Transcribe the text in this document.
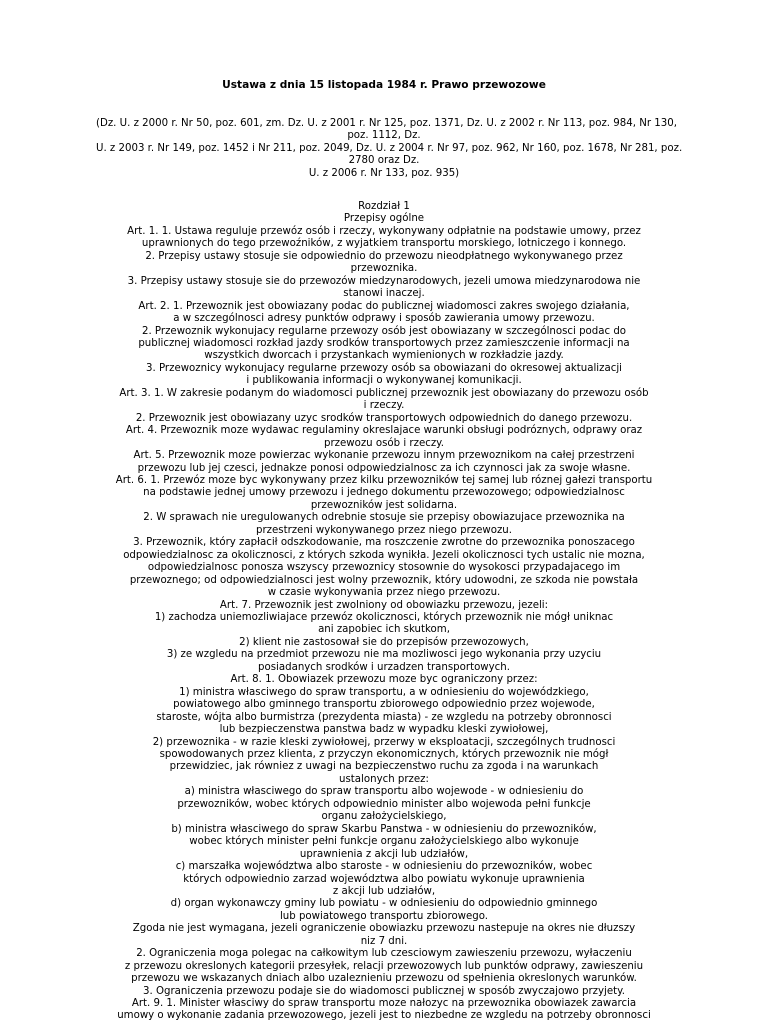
Ustawa z dnia 15 listopada 1984 r. Prawo przewozowe
(Dz. U. z 2000 r. Nr 50, poz. 601, zm. Dz. U. z 2001 r. Nr 125, poz. 1371, Dz. U. z 2002 r. Nr 113, poz. 984, Nr 130,
poz. 1112, Dz.
U. z 2003 r. Nr 149, poz. 1452 i Nr 211, poz. 2049, Dz. U. z 2004 r. Nr 97, poz. 962, Nr 160, poz. 1678, Nr 281, poz.
2780 oraz Dz.
U. z 2006 r. Nr 133, poz. 935)
Rozdział 1
Przepisy ogólne
Art. 1. 1. Ustawa reguluje przewóz osób i rzeczy, wykonywany odpłatnie na podstawie umowy, przez
uprawnionych do tego przewoźników, z wyjatkiem transportu morskiego, lotniczego i konnego.
2. Przepisy ustawy stosuje sie odpowiednio do przewozu nieodpłatnego wykonywanego przez
przewoznika.
3. Przepisy ustawy stosuje sie do przewozów miedzynarodowych, jezeli umowa miedzynarodowa nie
stanowi inaczej.
Art. 2. 1. Przewoznik jest obowiazany podac do publicznej wiadomosci zakres swojego działania,
a w szczególnosci adresy punktów odprawy i sposób zawierania umowy przewozu.
2. Przewoznik wykonujacy regularne przewozy osób jest obowiazany w szczególnosci podac do
publicznej wiadomosci rozkład jazdy srodków transportowych przez zamieszczenie informacji na
wszystkich dworcach i przystankach wymienionych w rozkładzie jazdy.
3. Przewoznicy wykonujacy regularne przewozy osób sa obowiazani do okresowej aktualizacji
i publikowania informacji o wykonywanej komunikacji.
Art. 3. 1. W zakresie podanym do wiadomosci publicznej przewoznik jest obowiazany do przewozu osób
i rzeczy.
2. Przewoznik jest obowiazany uzyc srodków transportowych odpowiednich do danego przewozu.
Art. 4. Przewoznik moze wydawac regulaminy okreslajace warunki obsługi podróznych, odprawy oraz
przewozu osób i rzeczy.
Art. 5. Przewoznik moze powierzac wykonanie przewozu innym przewoznikom na całej przestrzeni
przewozu lub jej czesci, jednakze ponosi odpowiedzialnosc za ich czynnosci jak za swoje własne.
Art. 6. 1. Przewóz moze byc wykonywany przez kilku przewozników tej samej lub róznej gałezi transportu
na podstawie jednej umowy przewozu i jednego dokumentu przewozowego; odpowiedzialnosc
przewozników jest solidarna.
2. W sprawach nie uregulowanych odrebnie stosuje sie przepisy obowiazujace przewoznika na
przestrzeni wykonywanego przez niego przewozu.
3. Przewoznik, który zapłacił odszkodowanie, ma roszczenie zwrotne do przewoznika ponoszacego
odpowiedzialnosc za okolicznosci, z których szkoda wynikła. Jezeli okolicznosci tych ustalic nie mozna,
odpowiedzialnosc ponosza wszyscy przewoznicy stosownie do wysokosci przypadajacego im
przewoznego; od odpowiedzialnosci jest wolny przewoznik, który udowodni, ze szkoda nie powstała
w czasie wykonywania przez niego przewozu.
Art. 7. Przewoznik jest zwolniony od obowiazku przewozu, jezeli:
1) zachodza uniemozliwiajace przewóz okolicznosci, których przewoznik nie mógł uniknac
ani zapobiec ich skutkom,
2) klient nie zastosował sie do przepisów przewozowych,
3) ze wzgledu na przedmiot przewozu nie ma mozliwosci jego wykonania przy uzyciu
posiadanych srodków i urzadzen transportowych.
Art. 8. 1. Obowiazek przewozu moze byc ograniczony przez:
1) ministra własciwego do spraw transportu, a w odniesieniu do wojewódzkiego,
powiatowego albo gminnego transportu zbiorowego odpowiednio przez wojewode,
staroste, wójta albo burmistrza (prezydenta miasta) - ze wzgledu na potrzeby obronnosci
lub bezpieczenstwa panstwa badz w wypadku kleski zywiołowej,
2) przewoznika - w razie kleski zywiołowej, przerwy w eksploatacji, szczególnych trudnosci
spowodowanych przez klienta, z przyczyn ekonomicznych, których przewoznik nie mógł
przewidziec, jak równiez z uwagi na bezpieczenstwo ruchu za zgoda i na warunkach
ustalonych przez:
a) ministra własciwego do spraw transportu albo wojewode - w odniesieniu do
przewozników, wobec których odpowiednio minister albo wojewoda pełni funkcje
organu założycielskiego,
b) ministra własciwego do spraw Skarbu Panstwa - w odniesieniu do przewozników,
wobec których minister pełni funkcje organu założycielskiego albo wykonuje
uprawnienia z akcji lub udziałów,
c) marszałka województwa albo staroste - w odniesieniu do przewozników, wobec
których odpowiednio zarzad województwa albo powiatu wykonuje uprawnienia
z akcji lub udziałów,
d) organ wykonawczy gminy lub powiatu - w odniesieniu do odpowiednio gminnego
lub powiatowego transportu zbiorowego.
Zgoda nie jest wymagana, jezeli ograniczenie obowiazku przewozu nastepuje na okres nie dłuzszy
niz 7 dni.
2. Ograniczenia moga polegac na całkowitym lub czesciowym zawieszeniu przewozu, wyłaczeniu
z przewozu okreslonych kategorii przesyłek, relacji przewozowych lub punktów odprawy, zawieszeniu
przewozu we wskazanych dniach albo uzaleznieniu przewozu od spełnienia okreslonych warunków.
3. Ograniczenia przewozu podaje sie do wiadomosci publicznej w sposób zwyczajowo przyjety.
Art. 9. 1. Minister własciwy do spraw transportu moze nałozyc na przewoznika obowiazek zawarcia
umowy o wykonanie zadania przewozowego, jezeli jest to niezbedne ze wzgledu na potrzeby obronnosci
